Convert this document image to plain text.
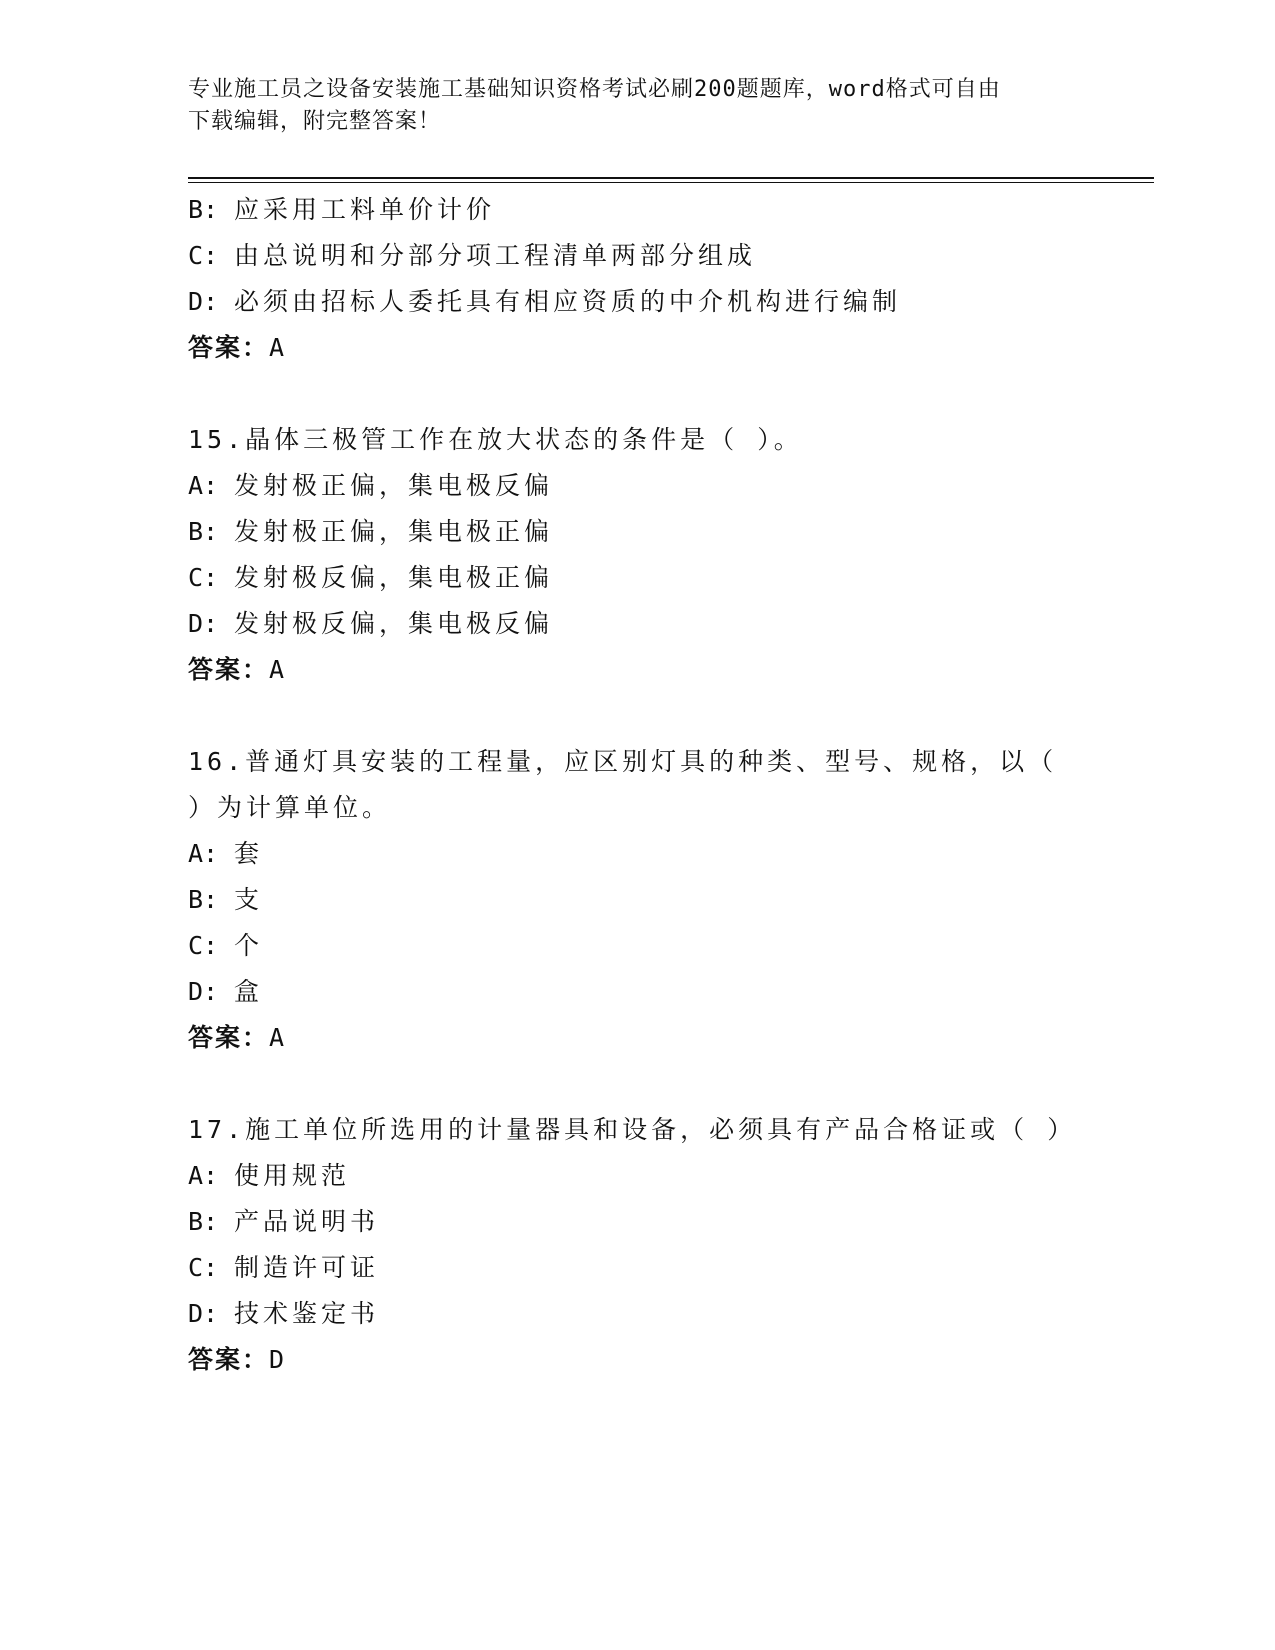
专业施工员之设备安装施工基础知识资格考试必刷200题题库，word格式可自由
下载编辑，附完整答案！
B: 应采用工料单价计价
C: 由总说明和分部分项工程清单两部分组成
D: 必须由招标人委托具有相应资质的中介机构进行编制
答案：A
15.晶体三极管工作在放大状态的条件是（ ）。
A: 发射极正偏，集电极反偏
B: 发射极正偏，集电极正偏
C: 发射极反偏，集电极正偏
D: 发射极反偏，集电极反偏
答案：A
16.普通灯具安装的工程量，应区别灯具的种类、型号、规格，以（
）为计算单位。
A: 套
B: 支
C: 个
D: 盒
答案：A
17.施工单位所选用的计量器具和设备，必须具有产品合格证或（ ）
A: 使用规范
B: 产品说明书
C: 制造许可证
D: 技术鉴定书
答案：D
